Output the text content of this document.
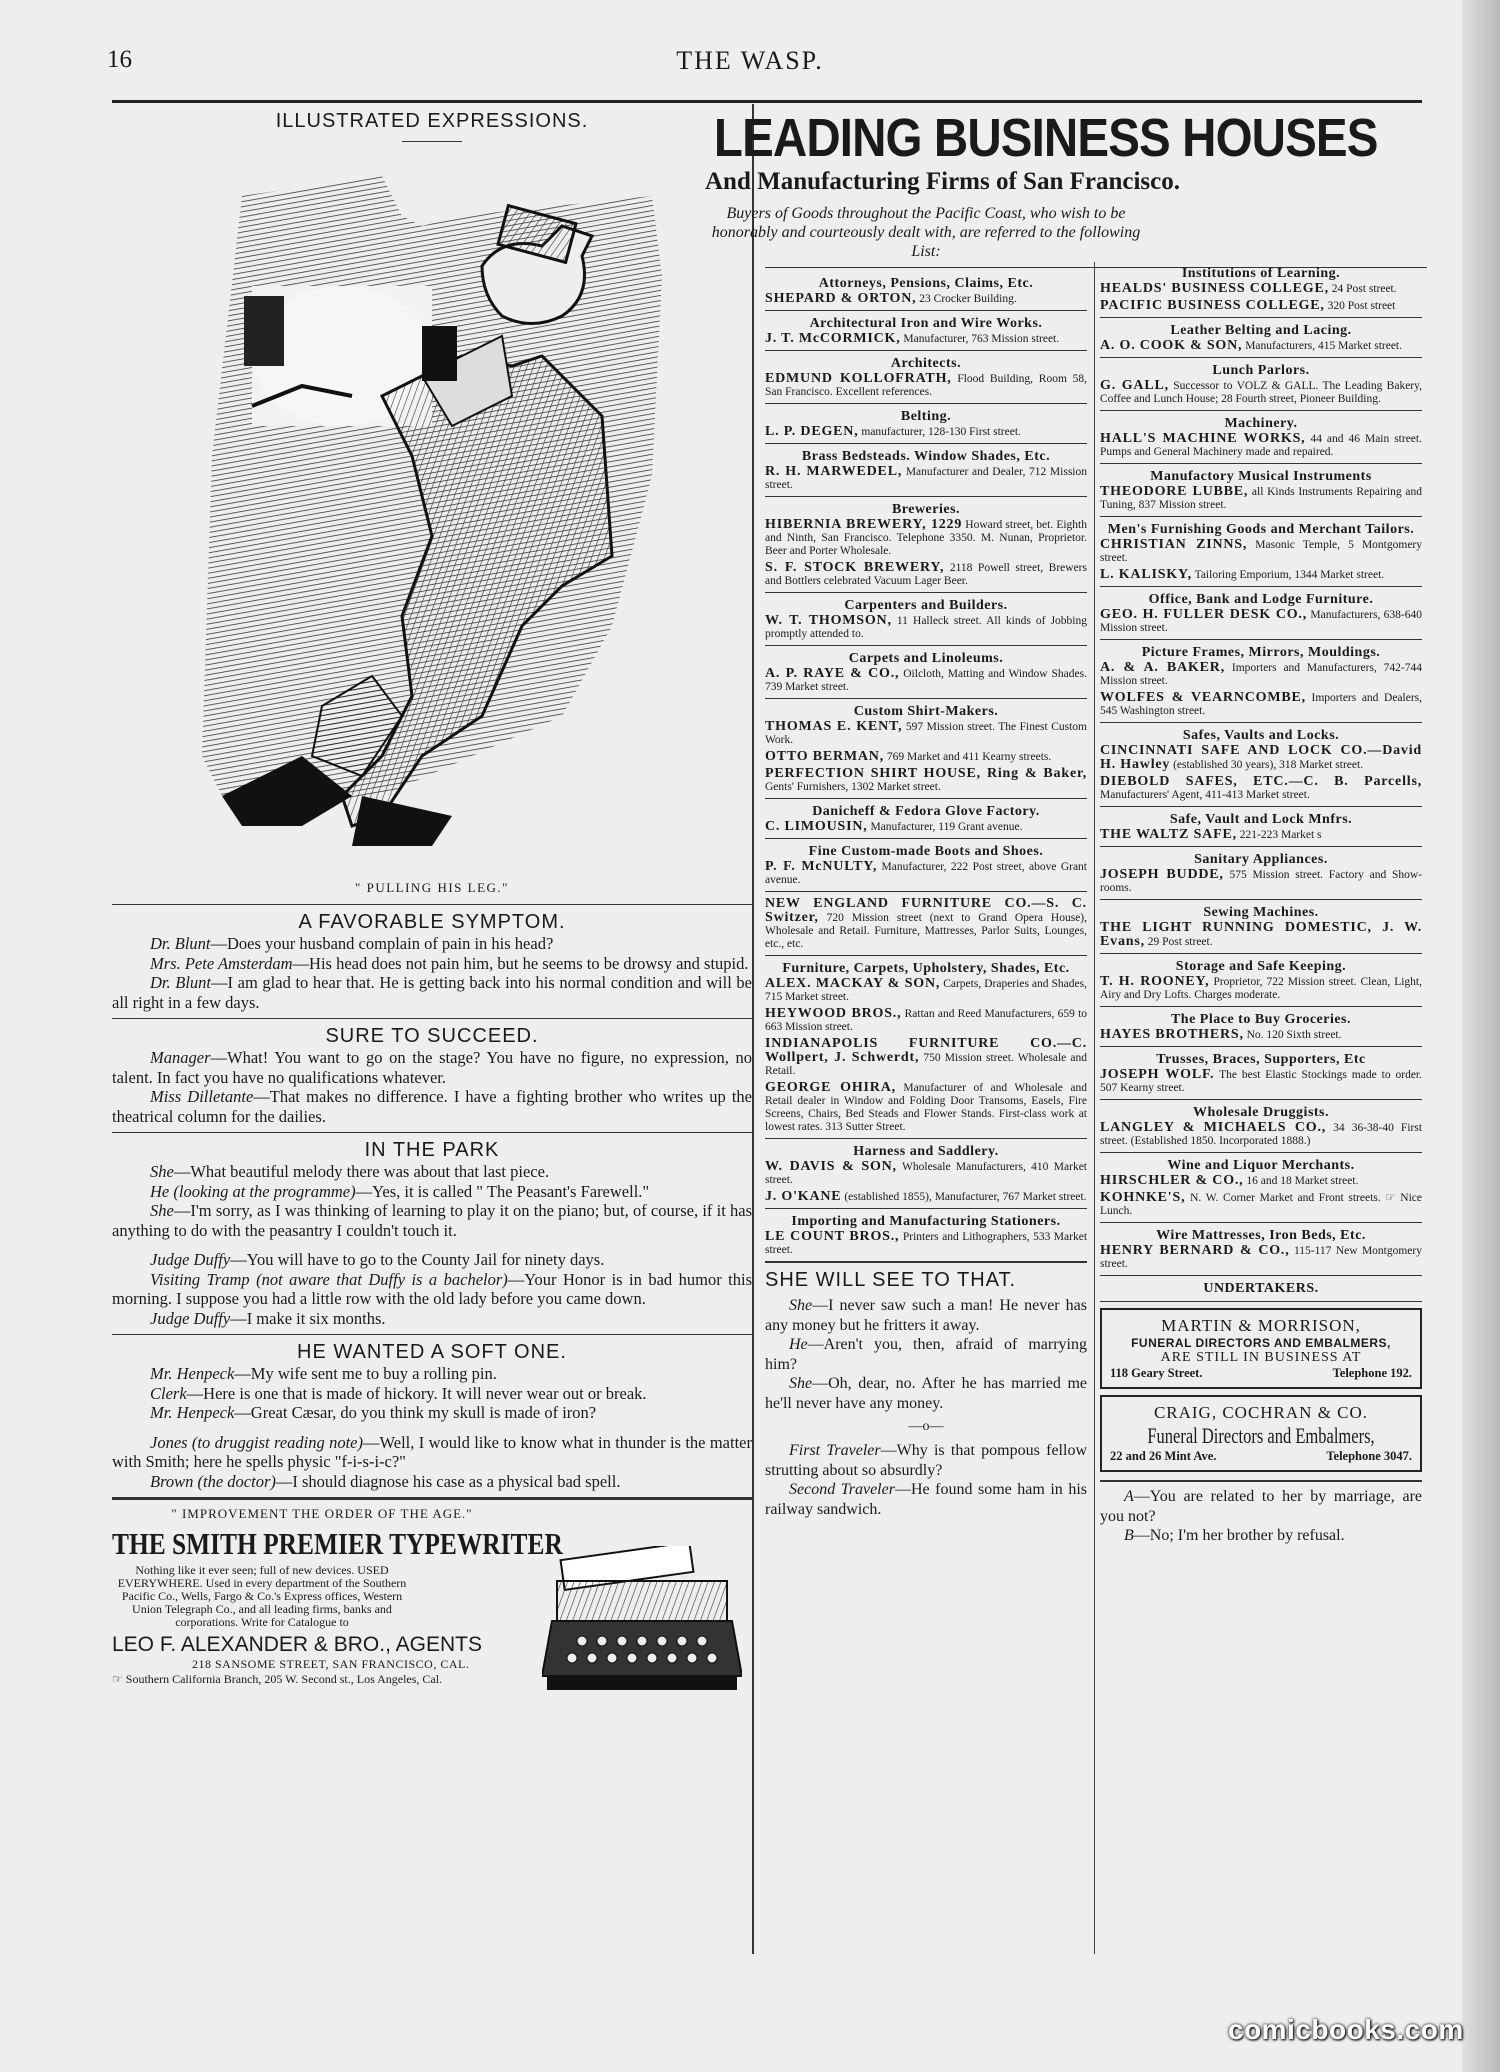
16	THE WASP.

ILLUSTRATED EXPRESSIONS.

" PULLING HIS LEG."

A FAVORABLE SYMPTOM.

Dr. Blunt—Does your husband complain of pain in his head?

Mrs. Pete Amsterdam—His head does not pain him, but he seems to be drowsy and stupid.

Dr. Blunt—I am glad to hear that. He is getting back into his normal condition and will be all right in a few days.

SURE TO SUCCEED.

Manager—What! You want to go on the stage? You have no figure, no expression, no talent. In fact you have no qualifications whatever.

Miss Dilletante—That makes no difference. I have a fighting brother who writes up the theatrical column for the dailies.

IN THE PARK

She—What beautiful melody there was about that last piece.

He (looking at the programme)—Yes, it is called " The Peasant's Farewell."

She—I'm sorry, as I was thinking of learning to play it on the piano; but, of course, if it has anything to do with the peasantry I couldn't touch it.

Judge Duffy—You will have to go to the County Jail for ninety days.

Visiting Tramp (not aware that Duffy is a bachelor)—Your Honor is in bad humor this morning. I suppose you had a little row with the old lady before you came down.

Judge Duffy—I make it six months.

HE WANTED A SOFT ONE.

Mr. Henpeck—My wife sent me to buy a rolling pin.

Clerk—Here is one that is made of hickory. It will never wear out or break.

Mr. Henpeck—Great Cæsar, do you think my skull is made of iron?

Jones (to druggist reading note)—Well, I would like to know what in thunder is the matter with Smith; here he spells physic "f-i-s-i-c?"

Brown (the doctor)—I should diagnose his case as a physical bad spell.

" IMPROVEMENT THE ORDER OF THE AGE."
THE SMITH PREMIER TYPEWRITER
Nothing like it ever seen; full of new devices. USED EVERYWHERE. Used in every department of the Southern Pacific Co., Wells, Fargo & Co.'s Express offices, Western Union Telegraph Co., and all leading firms, banks and corporations. Write for Catalogue to
LEO F. ALEXANDER & BRO., AGENTS
218 SANSOME STREET, SAN FRANCISCO, CAL.
☞ Southern California Branch, 205 W. Second st., Los Angeles, Cal.
LEADING BUSINESS HOUSES
And Manufacturing Firms of San Francisco.
Buyers of Goods throughout the Pacific Coast, who wish to be honorably and courteously dealt with, are referred to the following List:

Attorneys, Pensions, Claims, Etc.

SHEPARD & ORTON, 23 Crocker Building.

Architectural Iron and Wire Works.

J. T. McCORMICK, Manufacturer, 763 Mission street.

Architects.

EDMUND KOLLOFRATH, Flood Building, Room 58, San Francisco. Excellent references.

Belting.

L. P. DEGEN, manufacturer, 128-130 First street.

Brass Bedsteads. Window Shades, Etc.

R. H. MARWEDEL, Manufacturer and Dealer, 712 Mission street.

Breweries.

HIBERNIA BREWERY, 1229 Howard street, bet. Eighth and Ninth, San Francisco. Telephone 3350. M. Nunan, Proprietor. Beer and Porter Wholesale.

S. F. STOCK BREWERY, 2118 Powell street, Brewers and Bottlers celebrated Vacuum Lager Beer.

Carpenters and Builders.

W. T. THOMSON, 11 Halleck street. All kinds of Jobbing promptly attended to.

Carpets and Linoleums.

A. P. RAYE & CO., Oilcloth, Matting and Window Shades. 739 Market street.

Custom Shirt-Makers.

THOMAS E. KENT, 597 Mission street. The Finest Custom Work.

OTTO BERMAN, 769 Market and 411 Kearny streets.

PERFECTION SHIRT HOUSE, Ring & Baker, Gents' Furnishers, 1302 Market street.

Danicheff & Fedora Glove Factory.

C. LIMOUSIN, Manufacturer, 119 Grant avenue.

Fine Custom-made Boots and Shoes.

P. F. McNULTY, Manufacturer, 222 Post street, above Grant avenue.

NEW ENGLAND FURNITURE CO.—S. C. Switzer, 720 Mission street (next to Grand Opera House), Wholesale and Retail. Furniture, Mattresses, Parlor Suits, Lounges, etc., etc.

Furniture, Carpets, Upholstery, Shades, Etc.

ALEX. MACKAY & SON, Carpets, Draperies and Shades, 715 Market street.

HEYWOOD BROS., Rattan and Reed Manufacturers, 659 to 663 Mission street.

INDIANAPOLIS FURNITURE CO.—C. Wollpert, J. Schwerdt, 750 Mission street. Wholesale and Retail.

GEORGE OHIRA, Manufacturer of and Wholesale and Retail dealer in Window and Folding Door Transoms, Easels, Fire Screens, Chairs, Bed Steads and Flower Stands. First-class work at lowest rates. 313 Sutter Street.

Harness and Saddlery.

W. DAVIS & SON, Wholesale Manufacturers, 410 Market street.

J. O'KANE (established 1855), Manufacturer, 767 Market street.

Importing and Manufacturing Stationers.

LE COUNT BROS., Printers and Lithographers, 533 Market street.

SHE WILL SEE TO THAT.

She—I never saw such a man! He never has any money but he fritters it away.

He—Aren't you, then, afraid of marrying him?

She—Oh, dear, no. After he has married me he'll never have any money.

—o—

First Traveler—Why is that pompous fellow strutting about so absurdly?

Second Traveler—He found some ham in his railway sandwich.

Institutions of Learning.

HEALDS' BUSINESS COLLEGE, 24 Post street.

PACIFIC BUSINESS COLLEGE, 320 Post street

Leather Belting and Lacing.

A. O. COOK & SON, Manufacturers, 415 Market street.

Lunch Parlors.

G. GALL, Successor to VOLZ & GALL. The Leading Bakery, Coffee and Lunch House; 28 Fourth street, Pioneer Building.

Machinery.

HALL'S MACHINE WORKS, 44 and 46 Main street. Pumps and General Machinery made and repaired.

Manufactory Musical Instruments

THEODORE LUBBE, all Kinds Instruments Repairing and Tuning, 837 Mission street.

Men's Furnishing Goods and Merchant Tailors.

CHRISTIAN ZINNS, Masonic Temple, 5 Montgomery street.

L. KALISKY, Tailoring Emporium, 1344 Market street.

Office, Bank and Lodge Furniture.

GEO. H. FULLER DESK CO., Manufacturers, 638-640 Mission street.

Picture Frames, Mirrors, Mouldings.

A. & A. BAKER, Importers and Manufacturers, 742-744 Mission street.

WOLFES & VEARNCOMBE, Importers and Dealers, 545 Washington street.

Safes, Vaults and Locks.

CINCINNATI SAFE AND LOCK CO.—David H. Hawley (established 30 years), 318 Market street.

DIEBOLD SAFES, ETC.—C. B. Parcells, Manufacturers' Agent, 411-413 Market street.

Safe, Vault and Lock Mnfrs.

THE WALTZ SAFE, 221-223 Market s

Sanitary Appliances.

JOSEPH BUDDE, 575 Mission street. Factory and Show-rooms.

Sewing Machines.

THE LIGHT RUNNING DOMESTIC, J. W. Evans, 29 Post street.

Storage and Safe Keeping.

T. H. ROONEY, Proprietor, 722 Mission street. Clean, Light, Airy and Dry Lofts. Charges moderate.

The Place to Buy Groceries.

HAYES BROTHERS, No. 120 Sixth street.

Trusses, Braces, Supporters, Etc

JOSEPH WOLF. The best Elastic Stockings made to order. 507 Kearny street.

Wholesale Druggists.

LANGLEY & MICHAELS CO., 34 36-38-40 First street. (Established 1850. Incorporated 1888.)

Wine and Liquor Merchants.

HIRSCHLER & CO., 16 and 18 Market street.

KOHNKE'S, N. W. Corner Market and Front streets. ☞ Nice Lunch.

Wire Mattresses, Iron Beds, Etc.

HENRY BERNARD & CO., 115-117 New Montgomery street.

UNDERTAKERS.

MARTIN & MORRISON,
FUNERAL DIRECTORS AND EMBALMERS,
ARE STILL IN BUSINESS AT
118 Geary Street.	Telephone 192.
CRAIG, COCHRAN & CO.
Funeral Directors and Embalmers,
22 and 26 Mint Ave.	Telephone 3047.

A—You are related to her by marriage, are you not?

B—No; I'm her brother by refusal.

comicbooks.com
